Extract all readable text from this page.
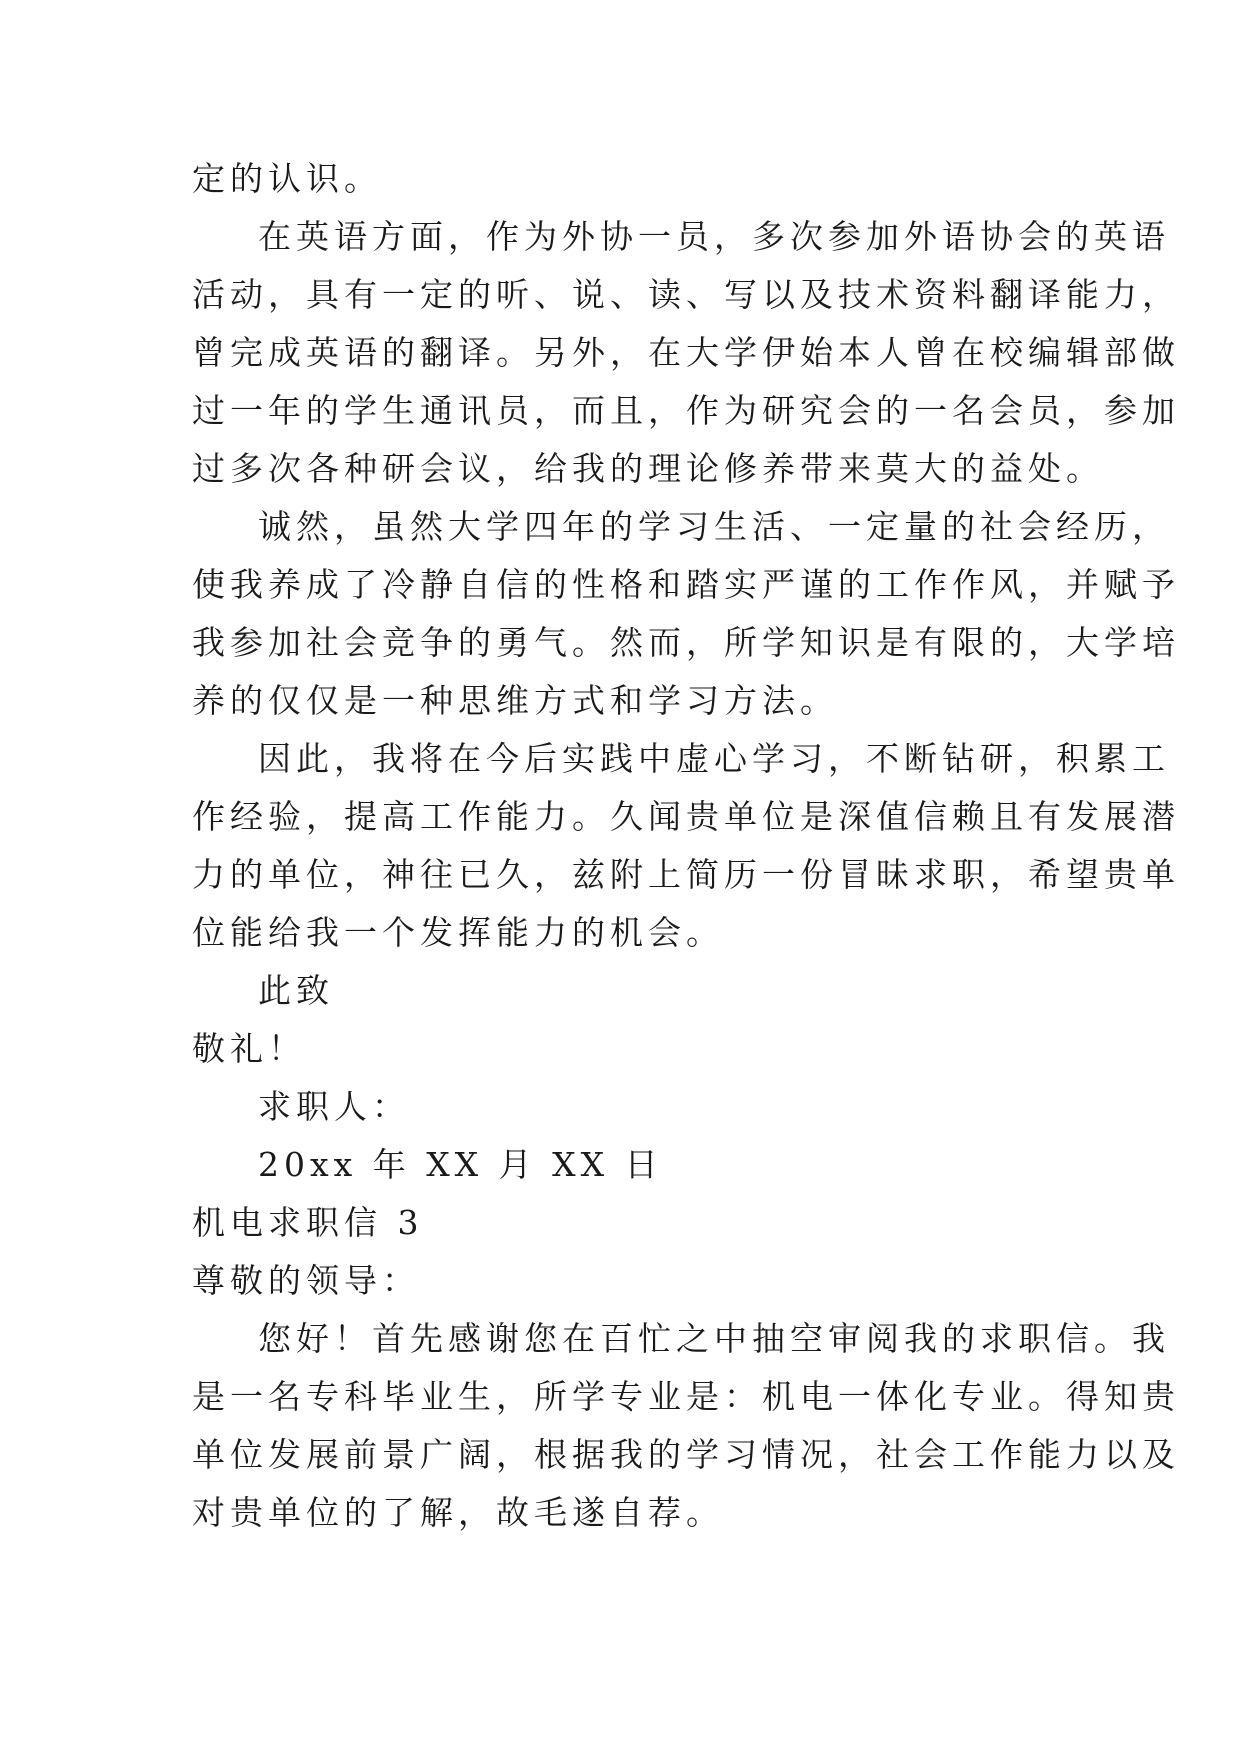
定的认识。
在英语方面，作为外协一员，多次参加外语协会的英语
活动，具有一定的听、说、读、写以及技术资料翻译能力，
曾完成英语的翻译。另外，在大学伊始本人曾在校编辑部做
过一年的学生通讯员，而且，作为研究会的一名会员，参加
过多次各种研会议，给我的理论修养带来莫大的益处。
诚然，虽然大学四年的学习生活、一定量的社会经历，
使我养成了冷静自信的性格和踏实严谨的工作作风，并赋予
我参加社会竞争的勇气。然而，所学知识是有限的，大学培
养的仅仅是一种思维方式和学习方法。
因此，我将在今后实践中虚心学习，不断钻研，积累工
作经验，提高工作能力。久闻贵单位是深值信赖且有发展潜
力的单位，神往已久，兹附上简历一份冒昧求职，希望贵单
位能给我一个发挥能力的机会。
此致
敬礼！
求职人：
20xx 年 XX 月 XX 日
机电求职信 3
尊敬的领导：
您好！首先感谢您在百忙之中抽空审阅我的求职信。我
是一名专科毕业生，所学专业是：机电一体化专业。得知贵
单位发展前景广阔，根据我的学习情况，社会工作能力以及
对贵单位的了解，故毛遂自荐。
